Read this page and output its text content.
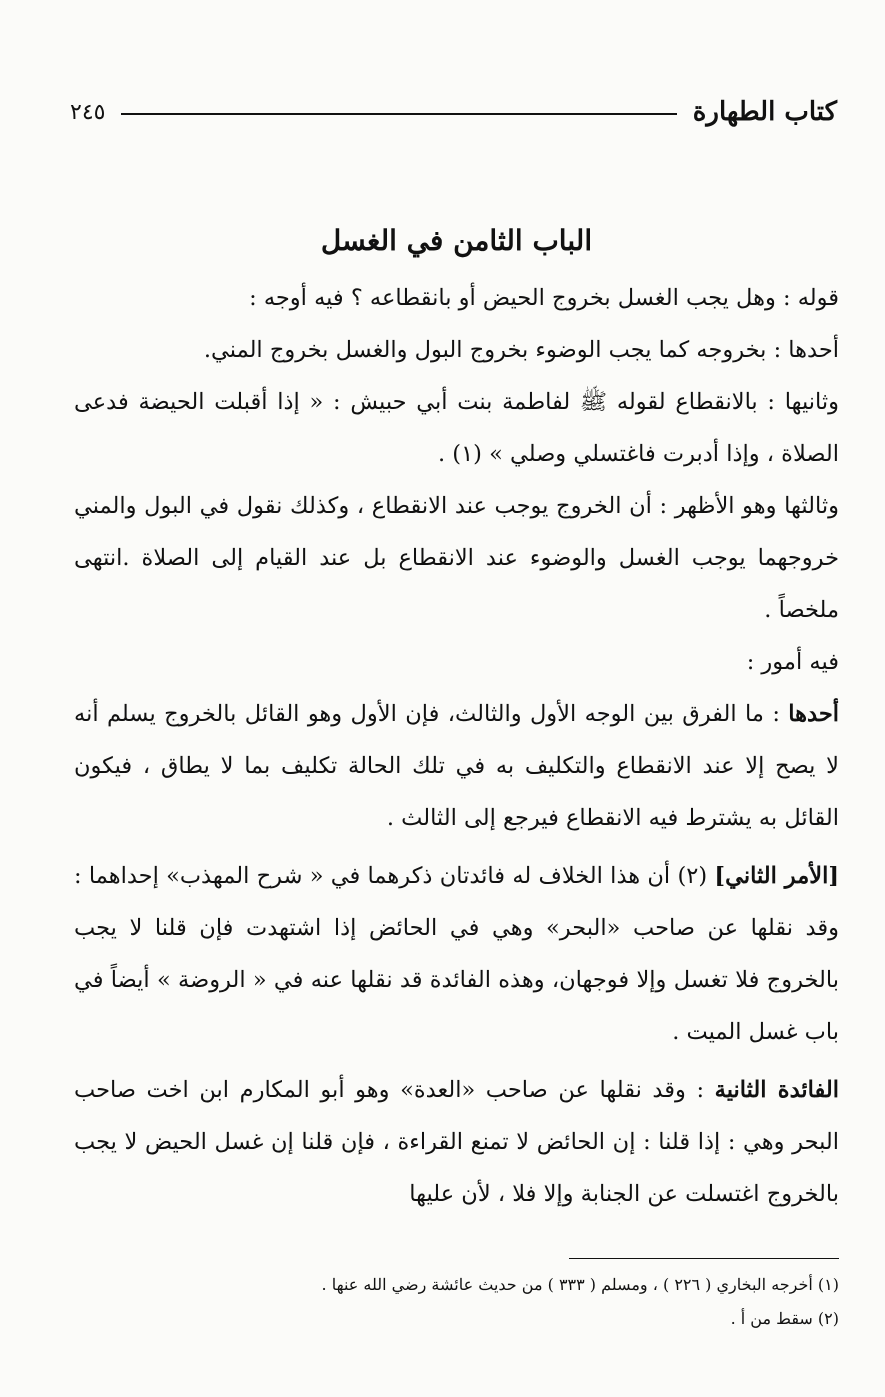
كتاب الطهارة
٢٤٥
الباب الثامن في الغسل

قوله : وهل يجب الغسل بخروج الحيض أو بانقطاعه ؟ فيه أوجه :

أحدها : بخروجه كما يجب الوضوء بخروج البول والغسل بخروج المني.

وثانيها : بالانقطاع لقوله ﷺ لفاطمة بنت أبي حبيش : « إذا أقبلت الحيضة فدعى الصلاة ، وإذا أدبرت فاغتسلي وصلي » (١) .

وثالثها وهو الأظهر : أن الخروج يوجب عند الانقطاع ، وكذلك نقول في البول والمني خروجهما يوجب الغسل والوضوء عند الانقطاع بل عند القيام إلى الصلاة .انتهى ملخصاً .

فيه أمور :

أحدها : ما الفرق بين الوجه الأول والثالث، فإن الأول وهو القائل بالخروج يسلم أنه لا يصح إلا عند الانقطاع والتكليف به في تلك الحالة تكليف بما لا يطاق ، فيكون القائل به يشترط فيه الانقطاع فيرجع إلى الثالث .

[الأمر الثاني] (٢) أن هذا الخلاف له فائدتان ذكرهما في « شرح المهذب» إحداهما : وقد نقلها عن صاحب «البحر» وهي في الحائض إذا اشتهدت فإن قلنا لا يجب بالخروج فلا تغسل وإلا فوجهان، وهذه الفائدة قد نقلها عنه في « الروضة » أيضاً في باب غسل الميت .

الفائدة الثانية : وقد نقلها عن صاحب «العدة» وهو أبو المكارم ابن اخت صاحب البحر وهي : إذا قلنا : إن الحائض لا تمنع القراءة ، فإن قلنا إن غسل الحيض لا يجب بالخروج اغتسلت عن الجنابة وإلا فلا ، لأن عليها

(١) أخرجه البخاري ( ٢٢٦ ) ، ومسلم ( ٣٣٣ ) من حديث عائشة رضي الله عنها .

(٢) سقط من أ .
